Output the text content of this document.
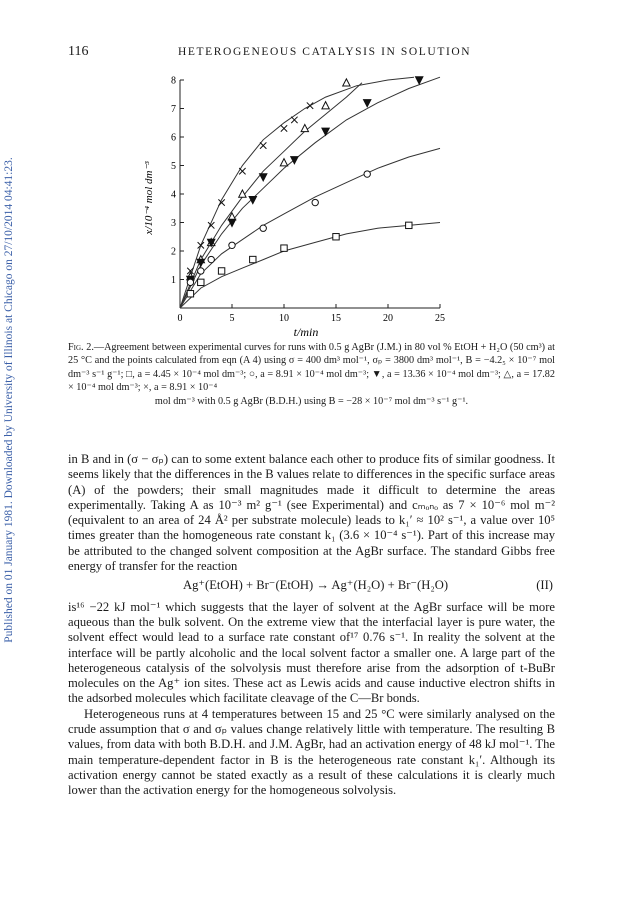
Published on 01 January 1981. Downloaded by University of Illinois at Chicago on 27/10/2014 04:41:23.
116	HETEROGENEOUS CATALYSIS IN SOLUTION
0	5	10	15	20	25
1
2
3
4
5
6
7
8
t/min
x/10⁻⁴ mol dm⁻³
Fig. 2.—Agreement between experimental curves for runs with 0.5 g AgBr (J.M.) in 80 vol % EtOH + H₂O (50 cm³) at 25 °C and the points calculated from eqn (A 4) using σ = 400 dm³ mol⁻¹, σₚ = 3800 dm³ mol⁻¹, B = −4.2₅ × 10⁻⁷ mol dm⁻³ s⁻¹ g⁻¹; □, a = 4.45 × 10⁻⁴ mol dm⁻³; ○, a = 8.91 × 10⁻⁴ mol dm⁻³; ▼, a = 13.36 × 10⁻⁴ mol dm⁻³; △, a = 17.82 × 10⁻⁴ mol dm⁻³; ×, a = 8.91 × 10⁻⁴
mol dm⁻³ with 0.5 g AgBr (B.D.H.) using B = −28 × 10⁻⁷ mol dm⁻³ s⁻¹ g⁻¹.

in B and in (σ − σₚ) can to some extent balance each other to produce fits of similar goodness. It seems likely that the differences in the B values relate to differences in the specific surface areas (A) of the powders; their small magnitudes made it difficult to determine the areas experimentally. Taking A as 10⁻³ m² g⁻¹ (see Experimental) and cₘₒₙₒ as 7 × 10⁻⁶ mol m⁻² (equivalent to an area of 24 Å² per substrate molecule) leads to k₁′ ≈ 10² s⁻¹, a value over 10⁵ times greater than the homogeneous rate constant k₁ (3.6 × 10⁻⁴ s⁻¹). Part of this increase may be attributed to the changed solvent composition at the AgBr surface. The standard Gibbs free energy of transfer for the reaction

Ag⁺(EtOH) + Br⁻(EtOH) → Ag⁺(H₂O) + Br⁻(H₂O)	(II)

is¹⁶ −22 kJ mol⁻¹ which suggests that the layer of solvent at the AgBr surface will be more aqueous than the bulk solvent. On the extreme view that the interfacial layer is pure water, the solvent effect would lead to a surface rate constant of¹⁷ 0.76 s⁻¹. In reality the solvent at the interface will be partly alcoholic and the local solvent factor a smaller one. A large part of the heterogeneous catalysis of the solvolysis must therefore arise from the adsorption of t-BuBr molecules on the Ag⁺ ion sites. These act as Lewis acids and cause inductive electron shifts in the adsorbed molecules which facilitate cleavage of the C—Br bonds.

Heterogeneous runs at 4 temperatures between 15 and 25 °C were similarly analysed on the crude assumption that σ and σₚ values change relatively little with temperature. The resulting B values, from data with both B.D.H. and J.M. AgBr, had an activation energy of 48 kJ mol⁻¹. The main temperature-dependent factor in B is the heterogeneous rate constant k₁′. Although its activation energy cannot be stated exactly as a result of these calculations it is clearly much lower than the activation energy for the homogeneous solvolysis.
